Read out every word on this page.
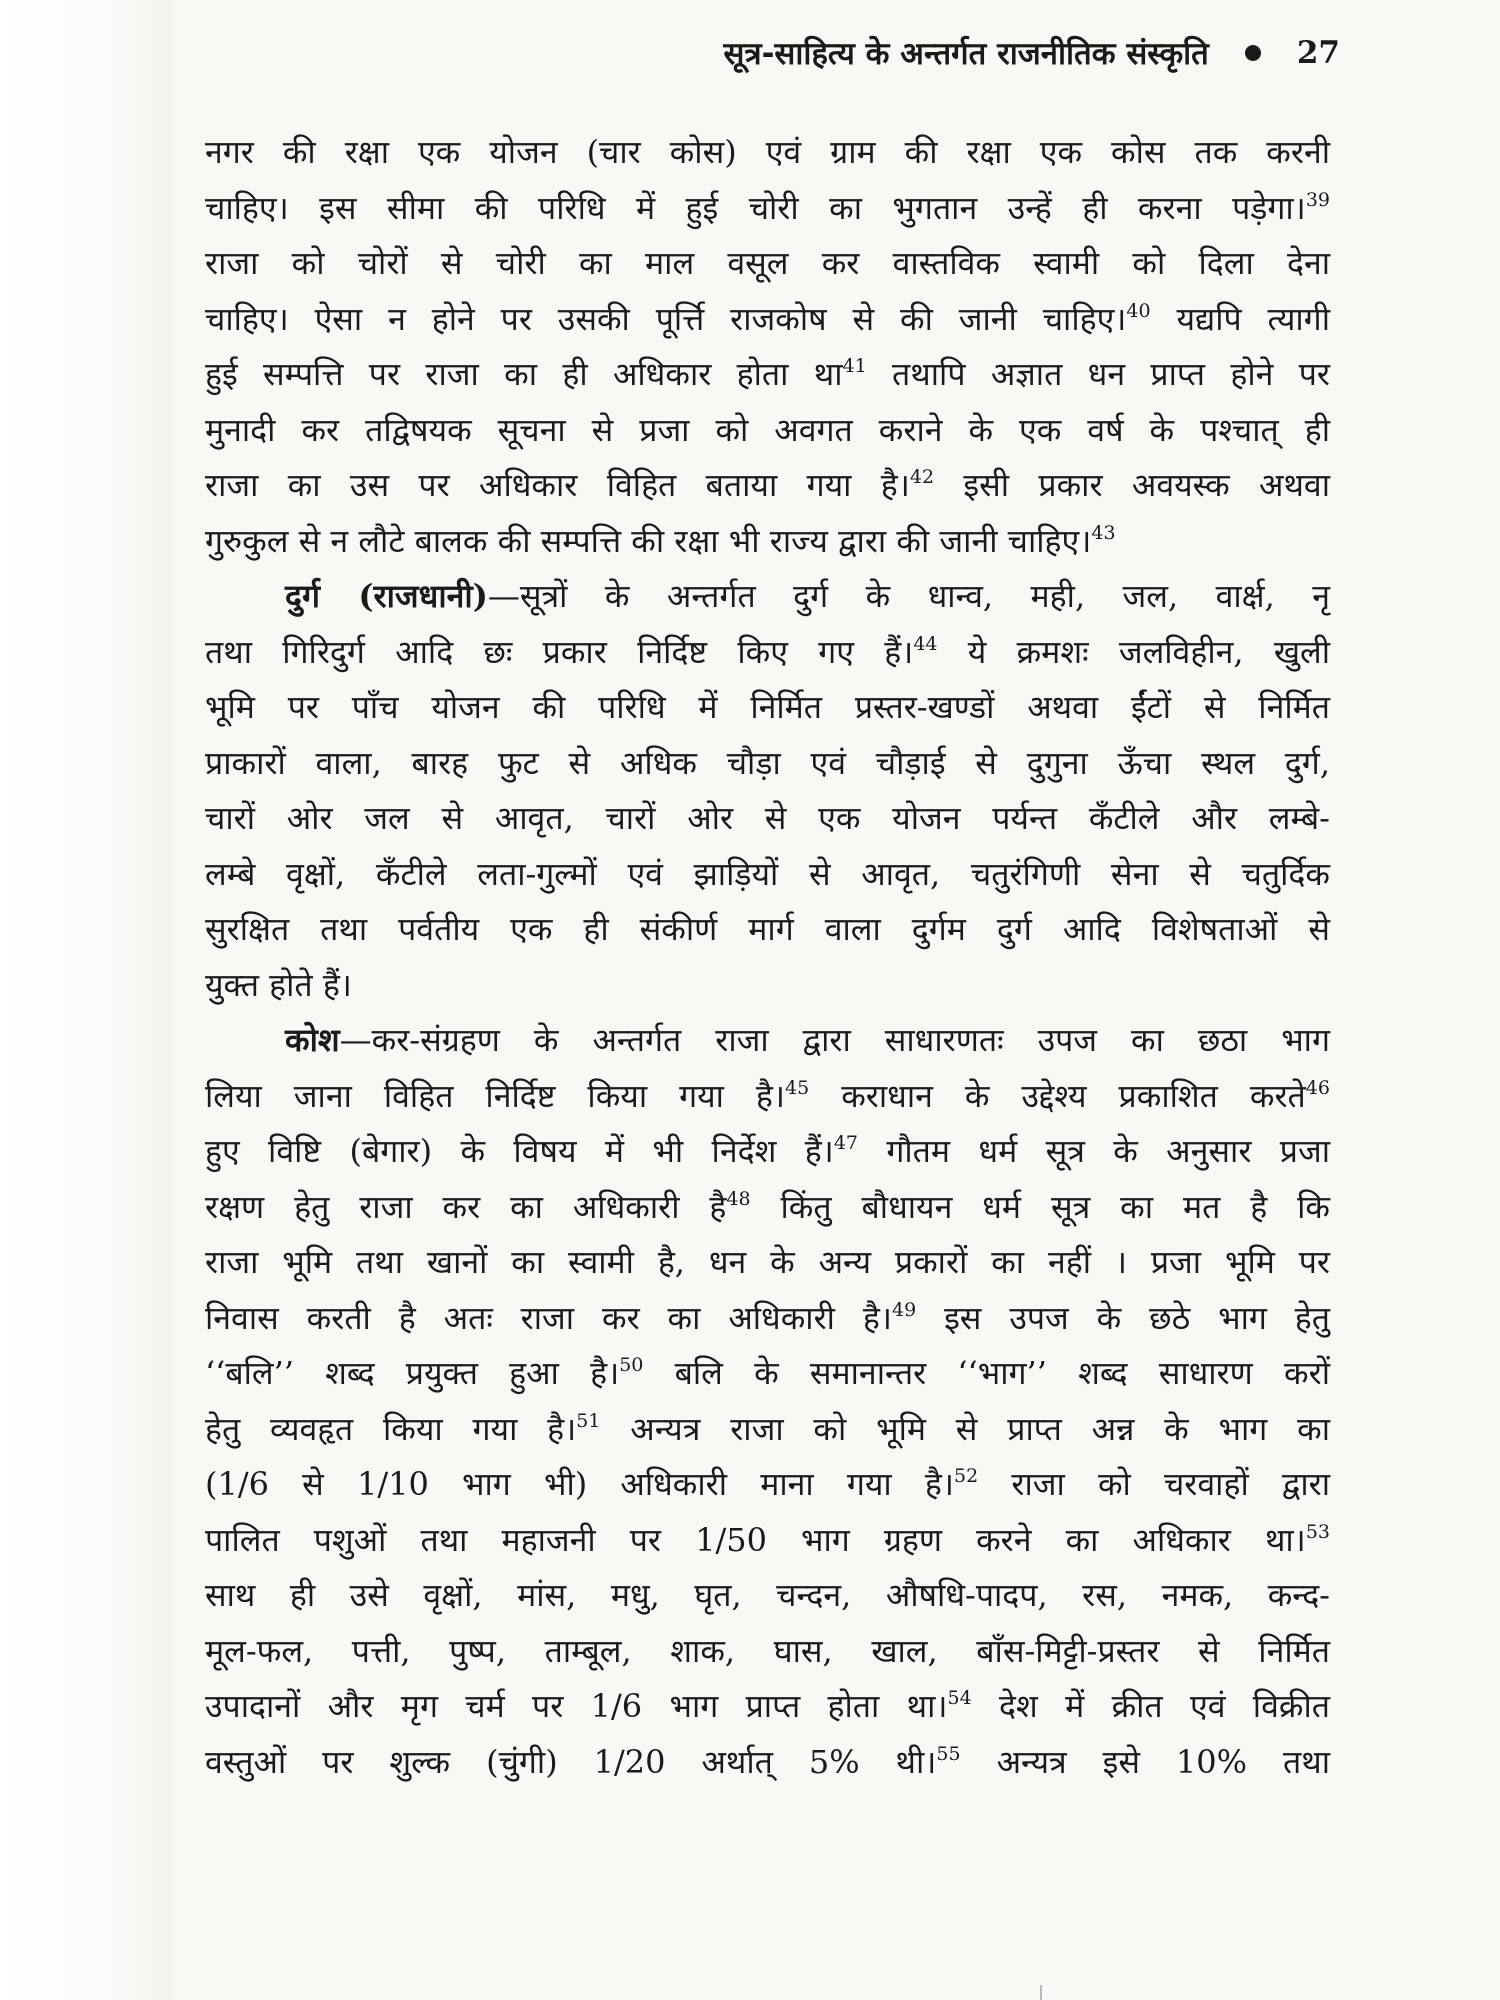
सूत्र-साहित्य के अन्तर्गत राजनीतिक संस्कृति	27
नगर की रक्षा एक योजन (चार कोस) एवं ग्राम की रक्षा एक कोस तक करनी
चाहिए। इस सीमा की परिधि में हुई चोरी का भुगतान उन्हें ही करना पड़ेगा।$^{39}$
राजा को चोरों से चोरी का माल वसूल कर वास्तविक स्वामी को दिला देना
चाहिए। ऐसा न होने पर उसकी पूर्त्ति राजकोष से की जानी चाहिए।$^{40}$ यद्यपि त्यागी
हुई सम्पत्ति पर राजा का ही अधिकार होता था$^{41}$ तथापि अज्ञात धन प्राप्त होने पर
मुनादी कर तद्विषयक सूचना से प्रजा को अवगत कराने के एक वर्ष के पश्चात् ही
राजा का उस पर अधिकार विहित बताया गया है।$^{42}$ इसी प्रकार अवयस्क अथवा
गुरुकुल से न लौटे बालक की सम्पत्ति की रक्षा भी राज्य द्वारा की जानी चाहिए।$^{43}$
दुर्ग (राजधानी)—सूत्रों के अन्तर्गत दुर्ग के धान्व, मही, जल, वार्क्ष, नृ
तथा गिरिदुर्ग आदि छः प्रकार निर्दिष्ट किए गए हैं।$^{44}$ ये क्रमशः जलविहीन, खुली
भूमि पर पाँच योजन की परिधि में निर्मित प्रस्तर-खण्डों अथवा ईंटों से निर्मित
प्राकारों वाला, बारह फुट से अधिक चौड़ा एवं चौड़ाई से दुगुना ऊँचा स्थल दुर्ग,
चारों ओर जल से आवृत, चारों ओर से एक योजन पर्यन्त कँटीले और लम्बे-
लम्बे वृक्षों, कँटीले लता-गुल्मों एवं झाड़ियों से आवृत, चतुरंगिणी सेना से चतुर्दिक
सुरक्षित तथा पर्वतीय एक ही संकीर्ण मार्ग वाला दुर्गम दुर्ग आदि विशेषताओं से
युक्त होते हैं।
कोश—कर-संग्रहण के अन्तर्गत राजा द्वारा साधारणतः उपज का छठा भाग
लिया जाना विहित निर्दिष्ट किया गया है।$^{45}$ कराधान के उद्देश्य प्रकाशित करते$^{46}$
हुए विष्टि (बेगार) के विषय में भी निर्देश हैं।$^{47}$ गौतम धर्म सूत्र के अनुसार प्रजा
रक्षण हेतु राजा कर का अधिकारी है$^{48}$ किंतु बौधायन धर्म सूत्र का मत है कि
राजा भूमि तथा खानों का स्वामी है, धन के अन्य प्रकारों का नहीं । प्रजा भूमि पर
निवास करती है अतः राजा कर का अधिकारी है।$^{49}$ इस उपज के छठे भाग हेतु
‘‘बलि’’ शब्द प्रयुक्त हुआ है।$^{50}$ बलि के समानान्तर ‘‘भाग’’ शब्द साधारण करों
हेतु व्यवहृत किया गया है।$^{51}$ अन्यत्र राजा को भूमि से प्राप्त अन्न के भाग का
(1/6 से 1/10 भाग भी) अधिकारी माना गया है।$^{52}$ राजा को चरवाहों द्वारा
पालित पशुओं तथा महाजनी पर 1/50 भाग ग्रहण करने का अधिकार था।$^{53}$
साथ ही उसे वृक्षों, मांस, मधु, घृत, चन्दन, औषधि-पादप, रस, नमक, कन्द-
मूल-फल, पत्ती, पुष्प, ताम्बूल, शाक, घास, खाल, बाँस-मिट्टी-प्रस्तर से निर्मित
उपादानों और मृग चर्म पर 1/6 भाग प्राप्त होता था।$^{54}$ देश में क्रीत एवं विक्रीत
वस्तुओं पर शुल्क (चुंगी) 1/20 अर्थात् 5% थी।$^{55}$ अन्यत्र इसे 10% तथा
